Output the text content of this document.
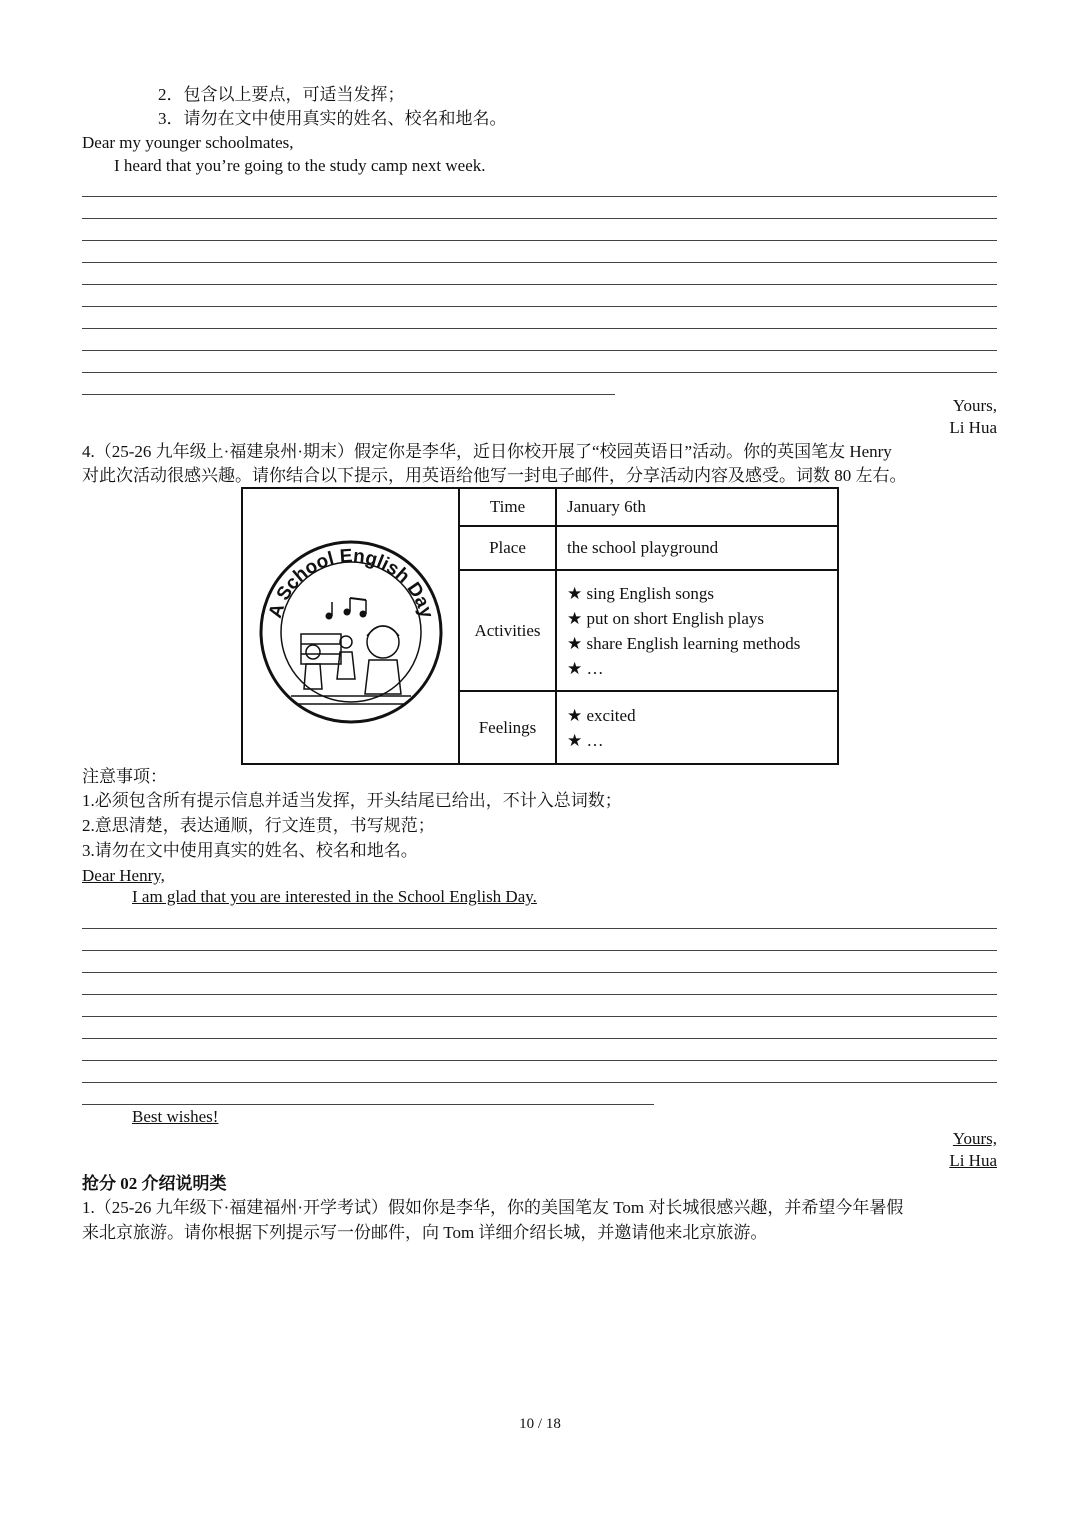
2．包含以上要点，可适当发挥；
3．请勿在文中使用真实的姓名、校名和地名。
Dear my younger schoolmates,
I heard that you’re going to the study camp next week.
Yours,
Li Hua
4.（25-26 九年级上·福建泉州·期末）假定你是李华，近日你校开展了“校园英语日”活动。你的英国笔友 Henry
对此次活动很感兴趣。请你结合以下提示，用英语给他写一封电子邮件，分享活动内容及感受。词数 80 左右。
A School English Day	Time	January 6th
	Place	the school playground
	Activities	★ sing English songs
★ put on short English plays
★ share English learning methods
★ …

	Feelings	★ excited
★ …
注意事项：
1.必须包含所有提示信息并适当发挥，开头结尾已给出，不计入总词数；
2.意思清楚，表达通顺，行文连贯，书写规范；
3.请勿在文中使用真实的姓名、校名和地名。
Dear Henry,
I am glad that you are interested in the School English Day.
Best wishes!
Yours,
Li Hua
抢分 02 介绍说明类
1.（25-26 九年级下·福建福州·开学考试）假如你是李华，你的美国笔友 Tom 对长城很感兴趣，并希望今年暑假
来北京旅游。请你根据下列提示写一份邮件，向 Tom 详细介绍长城，并邀请他来北京旅游。
10 / 18
